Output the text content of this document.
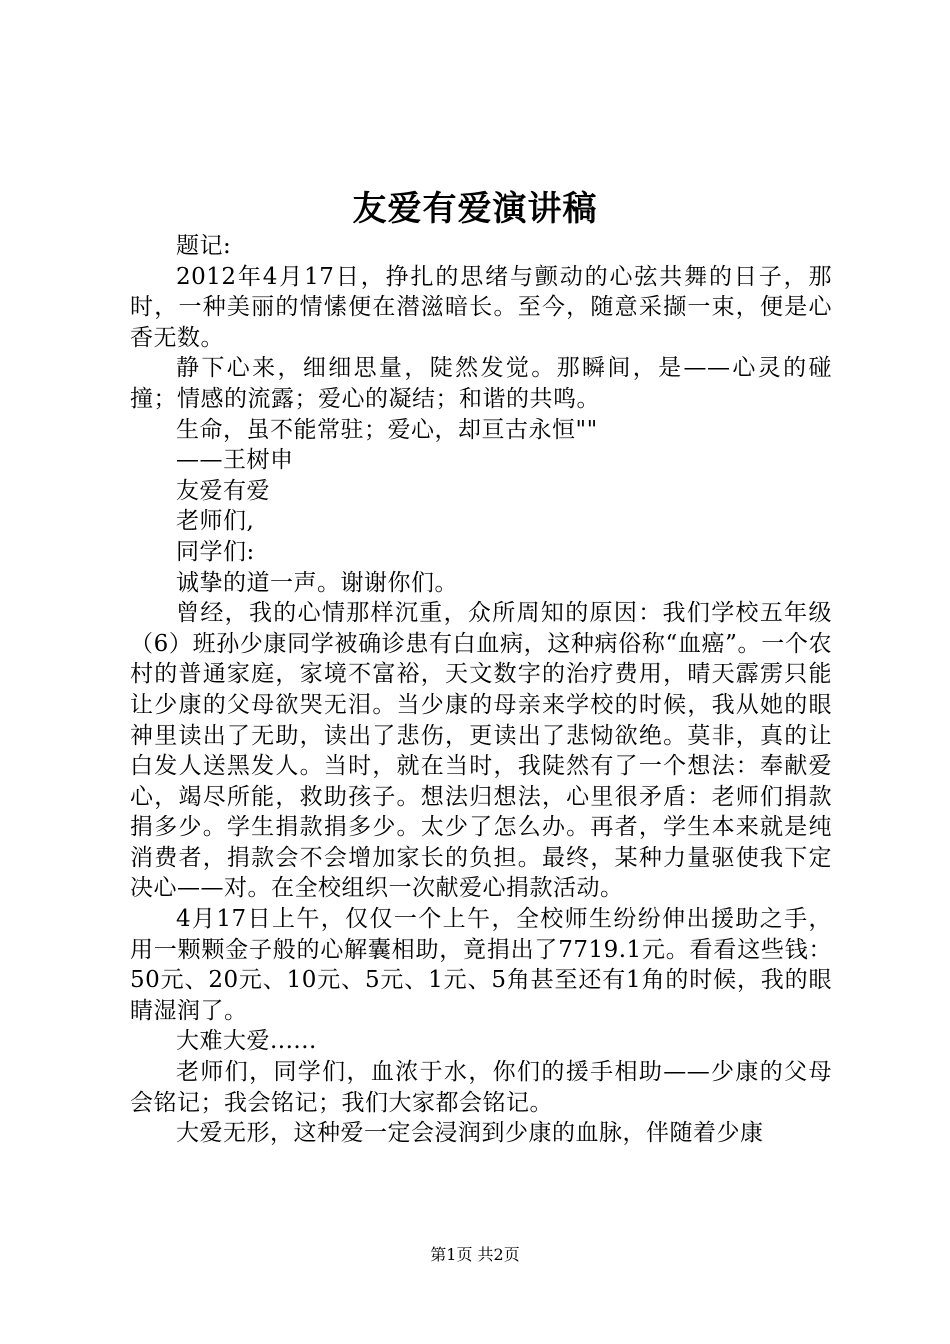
友爱有爱演讲稿

题记:

2012年4月17日，挣扎的思绪与颤动的心弦共舞的日子，那时，一种美丽的情愫便在潜滋暗长。至今，随意采撷一束，便是心香无数。

静下心来，细细思量，陡然发觉。那瞬间，是——心灵的碰撞；情感的流露；爱心的凝结；和谐的共鸣。

生命，虽不能常驻；爱心，却亘古永恒""

——王树申

友爱有爱

老师们,

同学们:

诚挚的道一声。谢谢你们。

曾经，我的心情那样沉重，众所周知的原因：我们学校五年级（6）班孙少康同学被确诊患有白血病，这种病俗称“血癌”。一个农村的普通家庭，家境不富裕，天文数字的治疗费用，晴天霹雳只能让少康的父母欲哭无泪。当少康的母亲来学校的时候，我从她的眼神里读出了无助，读出了悲伤，更读出了悲恸欲绝。莫非，真的让白发人送黑发人。当时，就在当时，我陡然有了一个想法：奉献爱心，竭尽所能，救助孩子。想法归想法，心里很矛盾：老师们捐款捐多少。学生捐款捐多少。太少了怎么办。再者，学生本来就是纯消费者，捐款会不会增加家长的负担。最终，某种力量驱使我下定决心——对。在全校组织一次献爱心捐款活动。

4月17日上午，仅仅一个上午，全校师生纷纷伸出援助之手，用一颗颗金子般的心解囊相助，竟捐出了7719.1元。看看这些钱：50元、20元、10元、5元、1元、5角甚至还有1角的时候，我的眼睛湿润了。

大难大爱......

老师们，同学们，血浓于水，你们的援手相助——少康的父母会铭记；我会铭记；我们大家都会铭记。

大爱无形，这种爱一定会浸润到少康的血脉，伴随着少康

第1页 共2页
